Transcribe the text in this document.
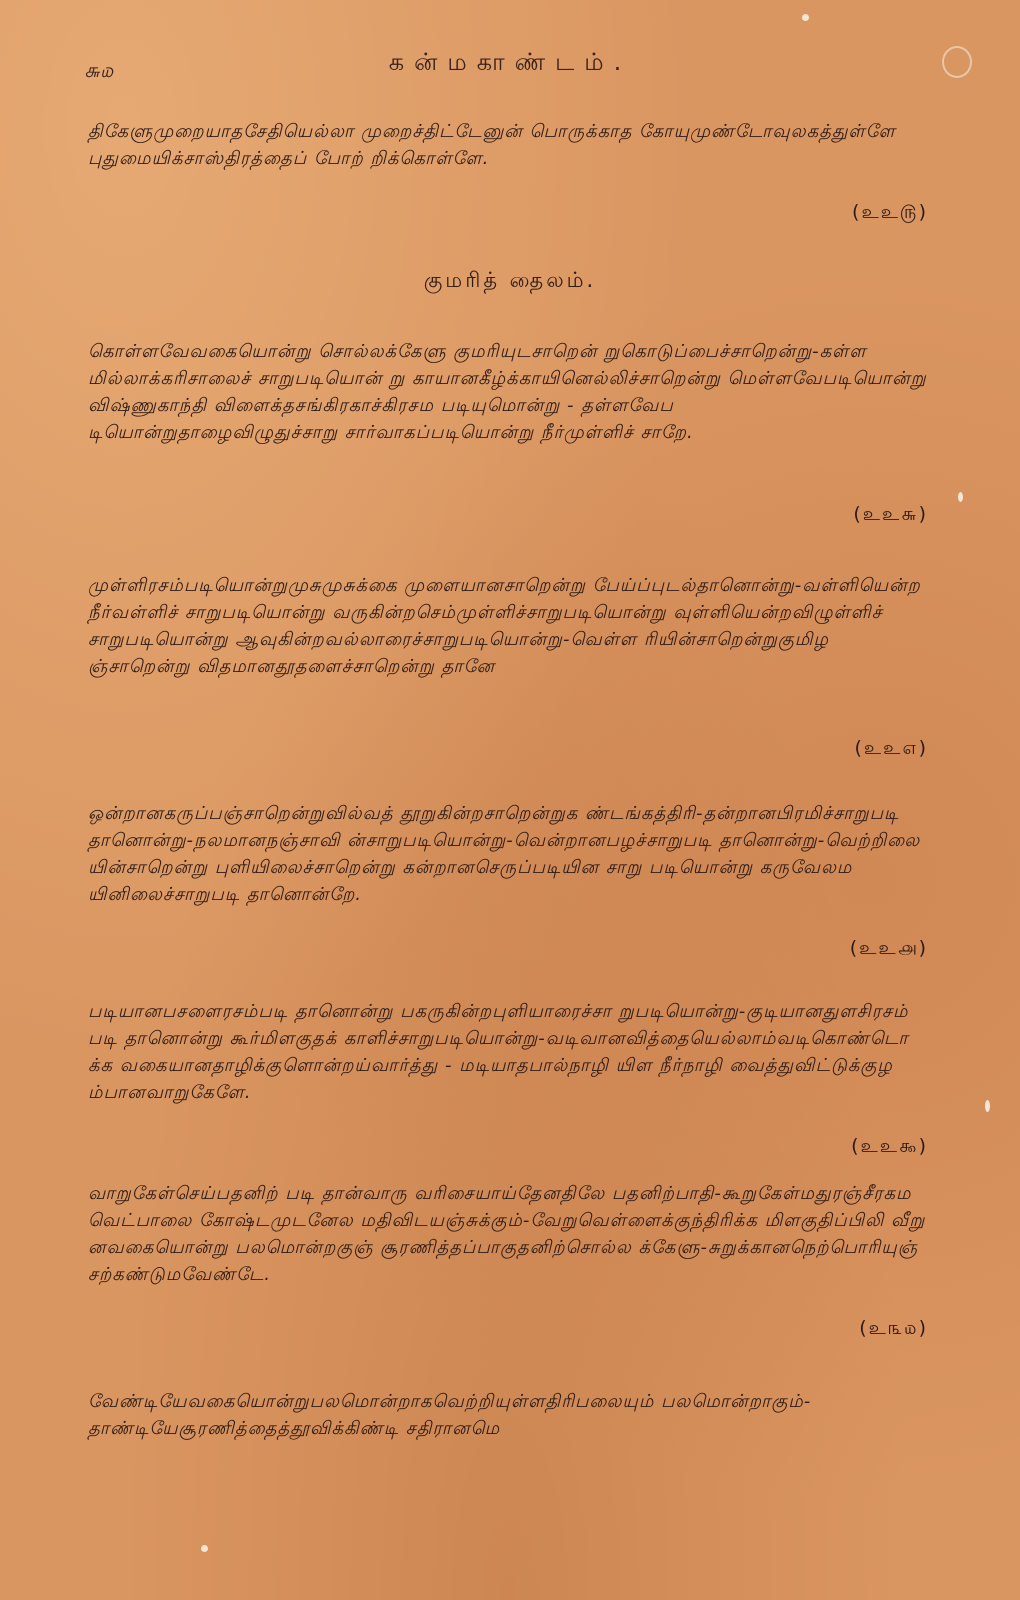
௬௰	கன்மகாண்டம்.
திகேளுமுறையாதசேதியெல்லா முறைச்திட்டேனுன் பொருக்காத கோயுமுண்டோவுலகத்துள்ளே புதுமையிக்சாஸ்திரத்தைப் போற் றிக்கொள்ளே.
(உஉ௫)
குமரித் தைலம்.
கொள்ளவேவகையொன்று சொல்லக்கேளு குமரியுடசாறென் றுகொடுப்பைச்சாறென்று-கள்ளமில்லாக்கரிசாலைச் சாறுபடியொன் று காயானகீழ்க்காயினெல்லிச்சாறென்று மெள்ளவேபடியொன்று விஷ்ணுகாந்தி விளைக்தசங்கிரகாச்கிரசம படியுமொன்று - தள்ளவேப டியொன்றுதாழைவிழுதுச்சாறு சார்வாகப்படியொன்று நீர்முள்ளிச் சாறே.
(உஉ௬)
முள்ளிரசம்படியொன்றுமுசுமுசுக்கை முளையானசாறென்று பேய்ப்புடல்தானொன்று-வள்ளியென்றநீர்வள்ளிச் சாறுபடியொன்று வருகின்றசெம்முள்ளிச்சாறுபடியொன்று வுள்ளியென்றவிழுள்ளிச் சாறுபடியொன்று ஆவுகின்றவல்லாரைச்சாறுபடியொன்று-வெள்ள ரியின்சாறென்றுகுமிழஞ்சாறென்று விதமானதூதளைச்சாறென்று தானே
(உஉ௭)
ஒன்றானகருப்பஞ்சாறென்றுவில்வத் தூறுகின்றசாறென்றுக ண்டங்கத்திரி-தன்றானபிரமிச்சாறுபடி தானொன்று-நலமானநஞ்சாவி ன்சாறுபடியொன்று-வென்றானபழச்சாறுபடி தானொன்று-வெற்றிலை யின்சாறென்று புளியிலைச்சாறென்று கன்றானசெருப்படியின சாறு படியொன்று கருவேலமயினிலைச்சாறுபடி தானொன்றே.
(உஉ௮)
படியானபசளைரசம்படி தானொன்று பகருகின்றபுளியாரைச்சா றுபடியொன்று-குடியானதுளசிரசம் படி தானொன்று கூர்மிளகுதக் காளிச்சாறுபடியொன்று-வடிவானவித்தையெல்லாம்வடிகொண்டொ க்க வகையானதாழிக்குளொன்றய்வார்த்து - மடியாதபால்நாழி யிள நீர்நாழி வைத்துவிட்டுக்குழம்பானவாறுகேளே.
(உஉ௯)
வாறுகேள்செய்பதனிற் படி தான்வாரு வரிசையாய்தேனதிலே பதனிற்பாதி-கூறுகேள்மதுரஞ்சீரகமவெட்பாலை கோஷ்டமுடனேல மதிவிடயஞ்சுக்கும்-வேறுவெள்ளைக்குந்திரிக்க மிளகுதிப்பிலி வீறு னவகையொன்று பலமொன்றகுஞ் சூரணித்தப்பாகுதனிற்சொல்ல க்கேளு-சுறுக்கானநெற்பொரியுஞ் சற்கண்டுமவேண்டே.
(உ௩௰)
வேண்டியேவகையொன்றுபலமொன்றாகவெற்றியுள்ளதிரிபலையும் பலமொன்றாகும்-தாண்டியேசூரணித்தைத்தூவிக்கிண்டி சதிரானமெ
